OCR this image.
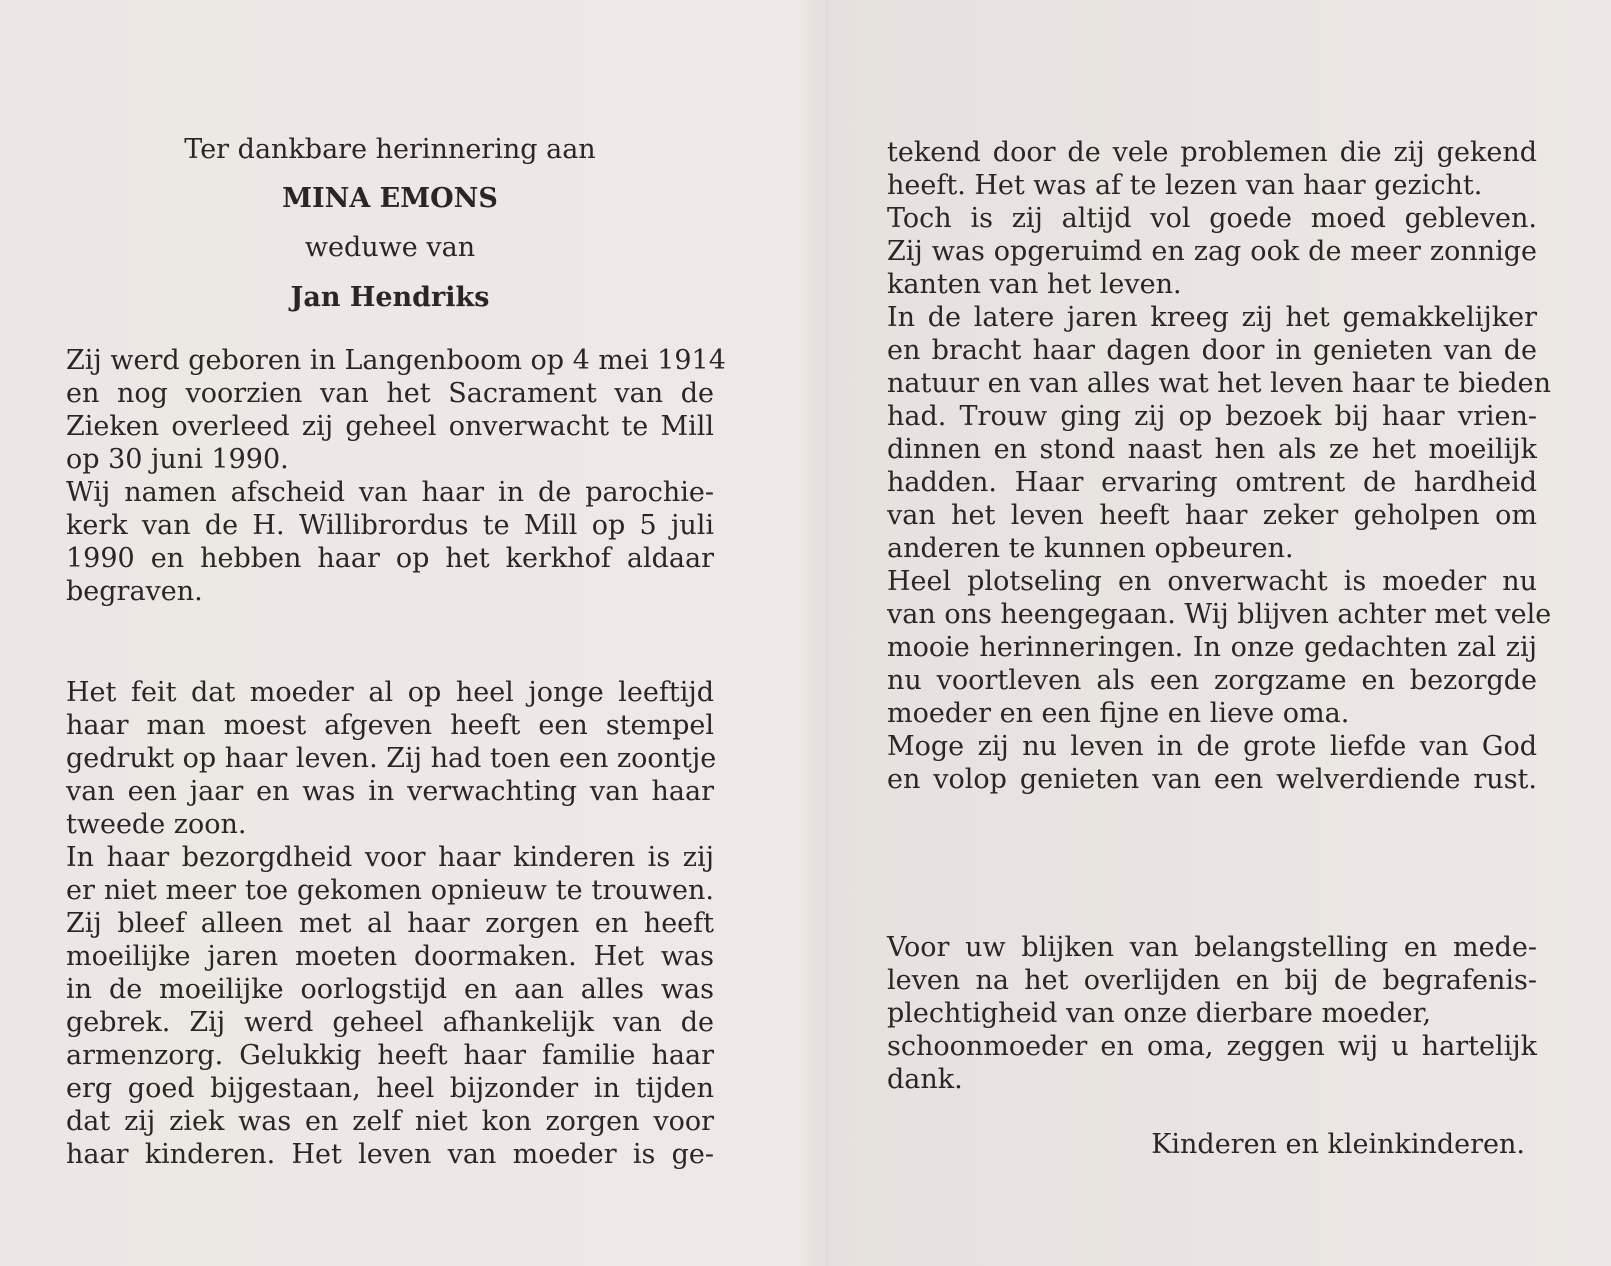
Ter dankbare herinnering aan

MINA EMONS

weduwe van

Jan Hendriks

Zij werd geboren in Langenboom op 4 mei 1914
en nog voorzien van het Sacrament van de
Zieken overleed zij geheel onverwacht te Mill
op 30 juni 1990.
Wij namen afscheid van haar in de parochie-
kerk van de H. Willibrordus te Mill op 5 juli
1990 en hebben haar op het kerkhof aldaar
begraven.
Het feit dat moeder al op heel jonge leeftijd
haar man moest afgeven heeft een stempel
gedrukt op haar leven. Zij had toen een zoontje
van een jaar en was in verwachting van haar
tweede zoon.
In haar bezorgdheid voor haar kinderen is zij
er niet meer toe gekomen opnieuw te trouwen.
Zij bleef alleen met al haar zorgen en heeft
moeilijke jaren moeten doormaken. Het was
in de moeilijke oorlogstijd en aan alles was
gebrek. Zij werd geheel afhankelijk van de
armenzorg. Gelukkig heeft haar familie haar
erg goed bijgestaan, heel bijzonder in tijden
dat zij ziek was en zelf niet kon zorgen voor
haar kinderen. Het leven van moeder is ge-
tekend door de vele problemen die zij gekend
heeft. Het was af te lezen van haar gezicht.
Toch is zij altijd vol goede moed gebleven.
Zij was opgeruimd en zag ook de meer zonnige
kanten van het leven.
In de latere jaren kreeg zij het gemakkelijker
en bracht haar dagen door in genieten van de
natuur en van alles wat het leven haar te bieden
had. Trouw ging zij op bezoek bij haar vrien-
dinnen en stond naast hen als ze het moeilijk
hadden. Haar ervaring omtrent de hardheid
van het leven heeft haar zeker geholpen om
anderen te kunnen opbeuren.
Heel plotseling en onverwacht is moeder nu
van ons heengegaan. Wij blijven achter met vele
mooie herinneringen. In onze gedachten zal zij
nu voortleven als een zorgzame en bezorgde
moeder en een fijne en lieve oma.
Moge zij nu leven in de grote liefde van God
en volop genieten van een welverdiende rust.
Voor uw blijken van belangstelling en mede-
leven na het overlijden en bij de begrafenis-
plechtigheid van onze dierbare moeder,
schoonmoeder en oma, zeggen wij u hartelijk
dank.
Kinderen en kleinkinderen.
